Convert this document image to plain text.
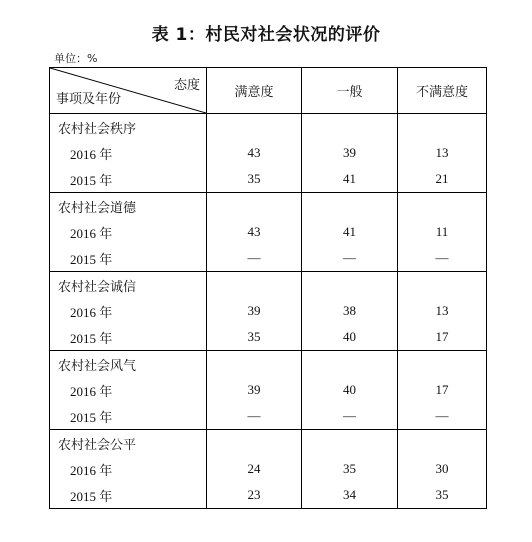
表 1：村民对社会状况的评价
单位：%
态度
事项及年份	满意度	一般	不满意度
农村社会秩序			
2016 年	43	39	13
2015 年	35	41	21
农村社会道德			
2016 年	43	41	11
2015 年	—	—	—
农村社会诚信			
2016 年	39	38	13
2015 年	35	40	17
农村社会风气			
2016 年	39	40	17
2015 年	—	—	—
农村社会公平			
2016 年	24	35	30
2015 年	23	34	35
